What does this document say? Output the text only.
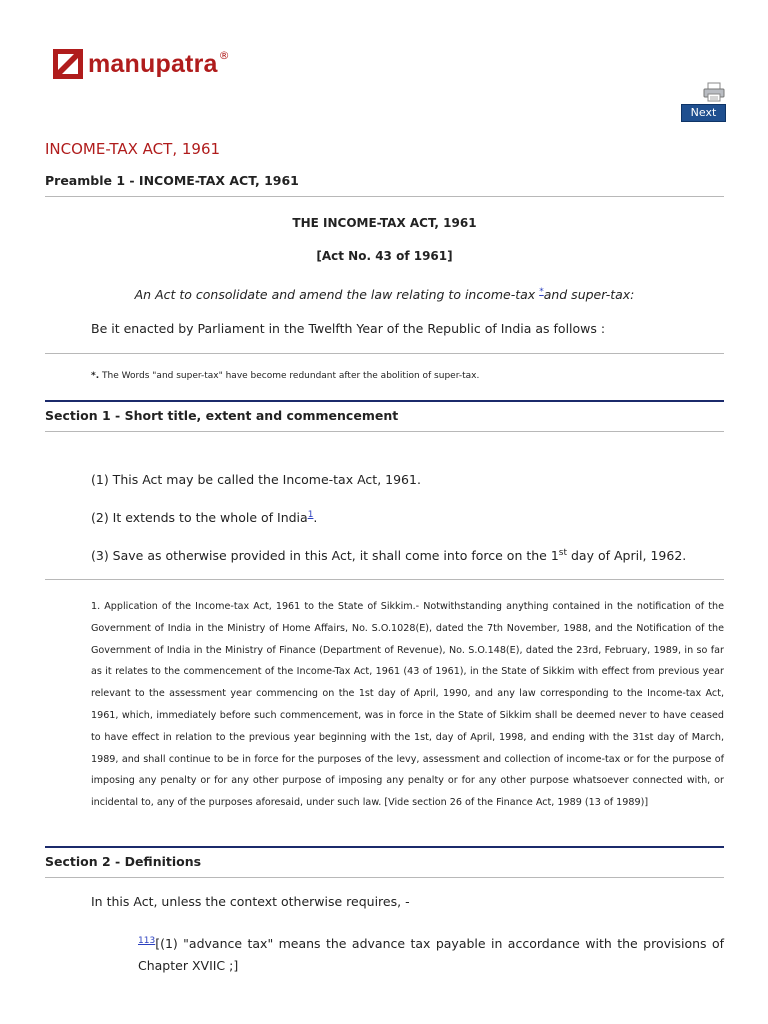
manupatra ®
Next
INCOME-TAX ACT, 1961
Preamble 1 - INCOME-TAX ACT, 1961
THE INCOME-TAX ACT, 1961
[Act No. 43 of 1961]
An Act to consolidate and amend the law relating to income-tax *and super-tax:
Be it enacted by Parliament in the Twelfth Year of the Republic of India as follows :
*. The Words "and super-tax" have become redundant after the abolition of super-tax.
Section 1 - Short title, extent and commencement
(1) This Act may be called the Income-tax Act, 1961.
(2) It extends to the whole of India$^1$.
(3) Save as otherwise provided in this Act, it shall come into force on the 1st day of April, 1962.
1. Application of the Income-tax Act, 1961 to the State of Sikkim.- Notwithstanding anything contained in the notification of the Government of India in the Ministry of Home Affairs, No. S.O.1028(E), dated the 7th November, 1988, and the Notification of the Government of India in the Ministry of Finance (Department of Revenue), No. S.O.148(E), dated the 23rd, February, 1989, in so far as it relates to the commencement of the Income-Tax Act, 1961 (43 of 1961), in the State of Sikkim with effect from previous year relevant to the assessment year commencing on the 1st day of April, 1990, and any law corresponding to the Income-tax Act, 1961, which, immediately before such commencement, was in force in the State of Sikkim shall be deemed never to have ceased to have effect in relation to the previous year beginning with the 1st, day of April, 1998, and ending with the 31st day of March, 1989, and shall continue to be in force for the purposes of the levy, assessment and collection of income-tax or for the purpose of imposing any penalty or for any other purpose of imposing any penalty or for any other purpose whatsoever connected with, or incidental to, any of the purposes aforesaid, under such law. [Vide section 26 of the Finance Act, 1989 (13 of 1989)]
Section 2 - Definitions
In this Act, unless the context otherwise requires, -
$^{113}$[(1) "advance tax" means the advance tax payable in accordance with the provisions of Chapter XVIIC ;]
